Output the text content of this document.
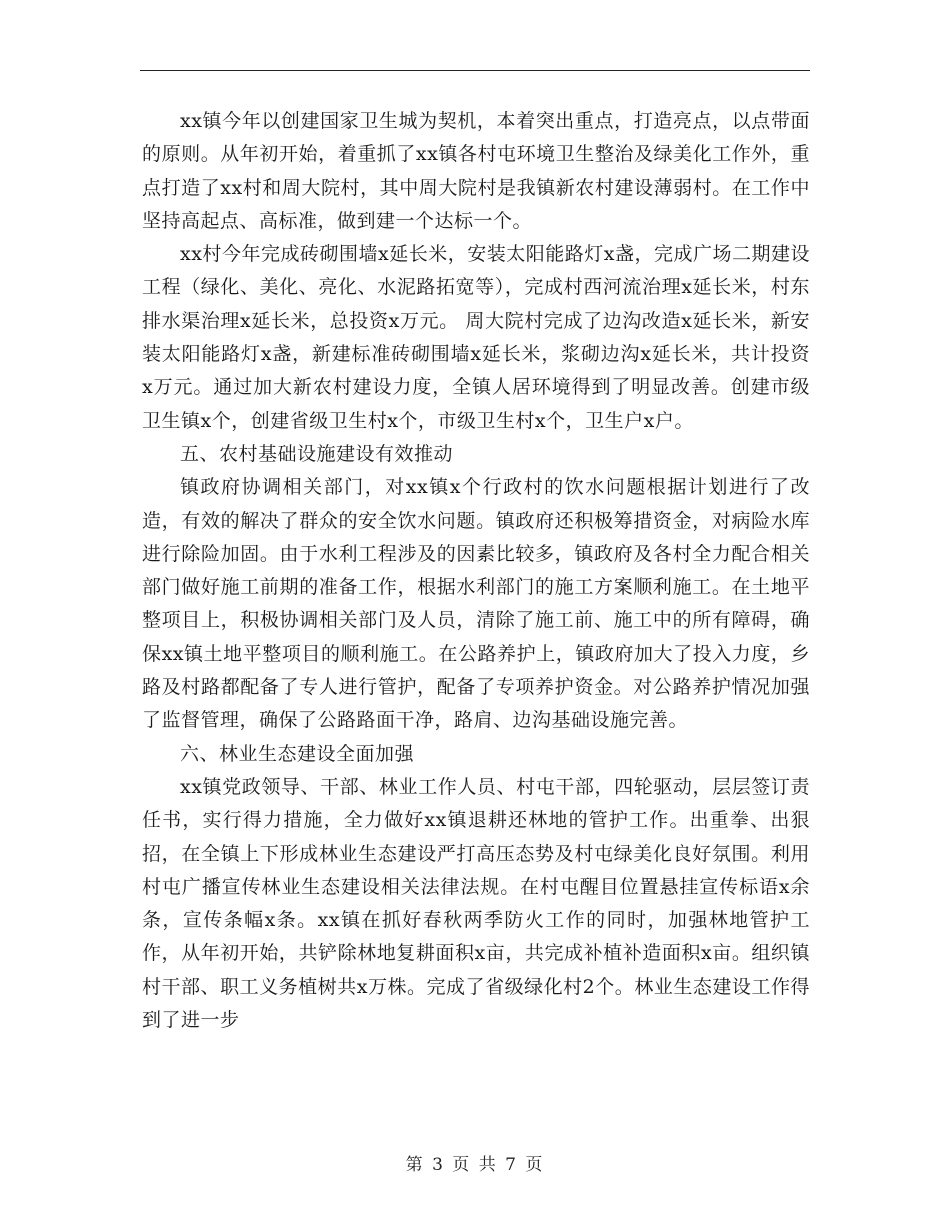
xx镇今年以创建国家卫生城为契机，本着突出重点，打造亮点，以点带面的原则。从年初开始，着重抓了xx镇各村屯环境卫生整治及绿美化工作外，重点打造了xx村和周大院村，其中周大院村是我镇新农村建设薄弱村。在工作中坚持高起点、高标准，做到建一个达标一个。

xx村今年完成砖砌围墙x延长米，安装太阳能路灯x盏，完成广场二期建设工程（绿化、美化、亮化、水泥路拓宽等），完成村西河流治理x延长米，村东排水渠治理x延长米，总投资x万元。 周大院村完成了边沟改造x延长米，新安装太阳能路灯x盏，新建标准砖砌围墙x延长米，浆砌边沟x延长米，共计投资x万元。通过加大新农村建设力度，全镇人居环境得到了明显改善。创建市级卫生镇x个，创建省级卫生村x个，市级卫生村x个，卫生户x户。

五、农村基础设施建设有效推动

镇政府协调相关部门，对xx镇x个行政村的饮水问题根据计划进行了改造，有效的解决了群众的安全饮水问题。镇政府还积极筹措资金，对病险水库进行除险加固。由于水利工程涉及的因素比较多，镇政府及各村全力配合相关部门做好施工前期的准备工作，根据水利部门的施工方案顺利施工。在土地平整项目上，积极协调相关部门及人员，清除了施工前、施工中的所有障碍，确保xx镇土地平整项目的顺利施工。在公路养护上，镇政府加大了投入力度，乡路及村路都配备了专人进行管护，配备了专项养护资金。对公路养护情况加强了监督管理，确保了公路路面干净，路肩、边沟基础设施完善。

六、林业生态建设全面加强

xx镇党政领导、干部、林业工作人员、村屯干部，四轮驱动，层层签订责任书，实行得力措施，全力做好xx镇退耕还林地的管护工作。出重拳、出狠招，在全镇上下形成林业生态建设严打高压态势及村屯绿美化良好氛围。利用村屯广播宣传林业生态建设相关法律法规。在村屯醒目位置悬挂宣传标语x余条，宣传条幅x条。xx镇在抓好春秋两季防火工作的同时，加强林地管护工作，从年初开始，共铲除林地复耕面积x亩，共完成补植补造面积x亩。组织镇村干部、职工义务植树共x万株。完成了省级绿化村2个。林业生态建设工作得到了进一步

第 3 页 共 7 页
